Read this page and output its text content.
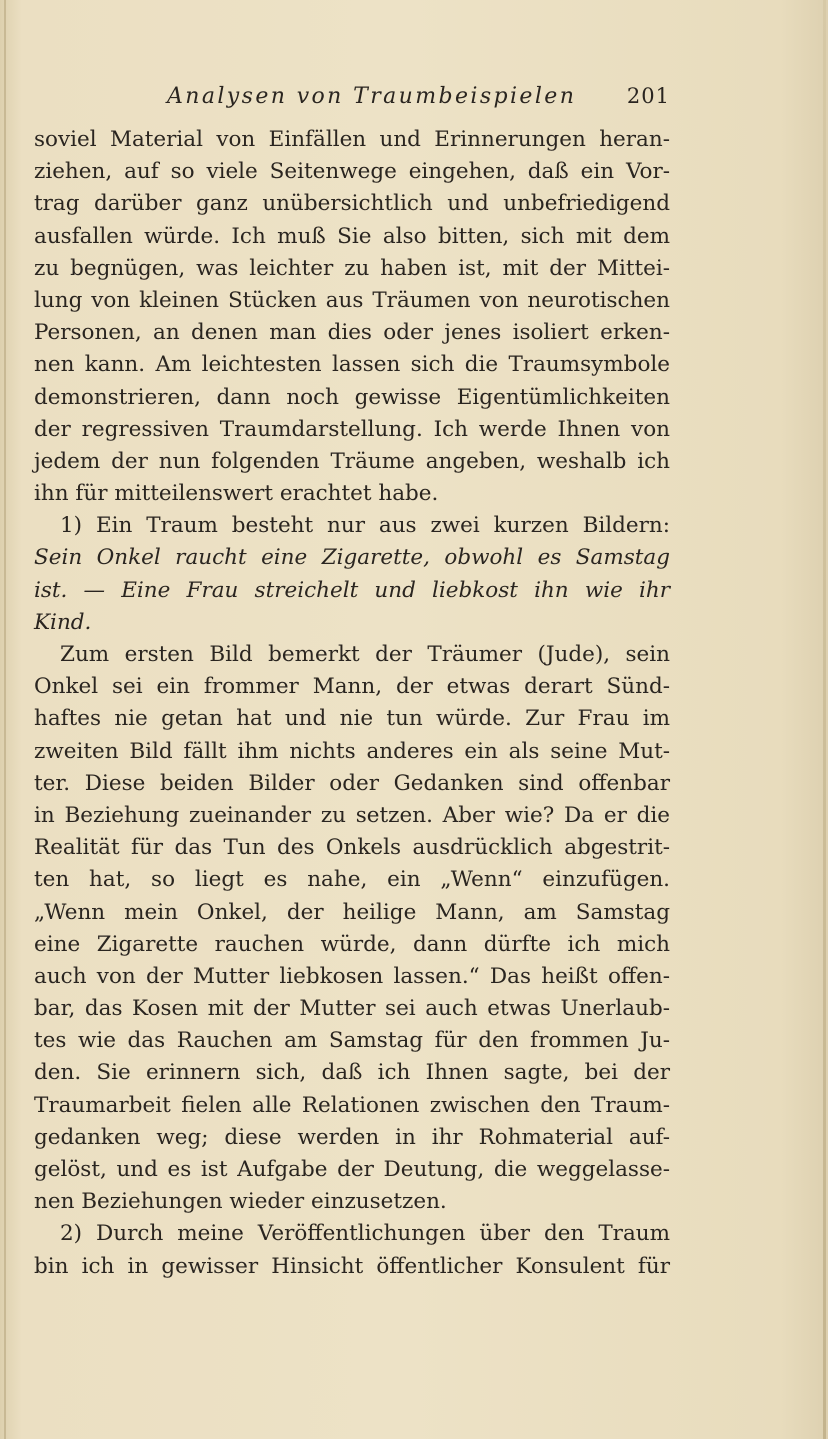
Analysen von Traumbeispielen 201
soviel Material von Einfällen und Erinnerungen heran-
ziehen, auf so viele Seitenwege eingehen, daß ein Vor-
trag darüber ganz unübersichtlich und unbefriedigend
ausfallen würde. Ich muß Sie also bitten, sich mit dem
zu begnügen, was leichter zu haben ist, mit der Mittei-
lung von kleinen Stücken aus Träumen von neurotischen
Personen, an denen man dies oder jenes isoliert erken-
nen kann. Am leichtesten lassen sich die Traumsymbole
demonstrieren, dann noch gewisse Eigentümlichkeiten
der regressiven Traumdarstellung. Ich werde Ihnen von
jedem der nun folgenden Träume angeben, weshalb ich
ihn für mitteilenswert erachtet habe.
1) Ein Traum besteht nur aus zwei kurzen Bildern:
Sein Onkel raucht eine Zigarette, obwohl es Samstag
ist. — Eine Frau streichelt und liebkost ihn wie ihr
Kind.
Zum ersten Bild bemerkt der Träumer (Jude), sein
Onkel sei ein frommer Mann, der etwas derart Sünd-
haftes nie getan hat und nie tun würde. Zur Frau im
zweiten Bild fällt ihm nichts anderes ein als seine Mut-
ter. Diese beiden Bilder oder Gedanken sind offenbar
in Beziehung zueinander zu setzen. Aber wie? Da er die
Realität für das Tun des Onkels ausdrücklich abgestrit-
ten hat, so liegt es nahe, ein „Wenn“ einzufügen.
„Wenn mein Onkel, der heilige Mann, am Samstag
eine Zigarette rauchen würde, dann dürfte ich mich
auch von der Mutter liebkosen lassen.“ Das heißt offen-
bar, das Kosen mit der Mutter sei auch etwas Unerlaub-
tes wie das Rauchen am Samstag für den frommen Ju-
den. Sie erinnern sich, daß ich Ihnen sagte, bei der
Traumarbeit fielen alle Relationen zwischen den Traum-
gedanken weg; diese werden in ihr Rohmaterial auf-
gelöst, und es ist Aufgabe der Deutung, die weggelasse-
nen Beziehungen wieder einzusetzen.
2) Durch meine Veröffentlichungen über den Traum
bin ich in gewisser Hinsicht öffentlicher Konsulent für
